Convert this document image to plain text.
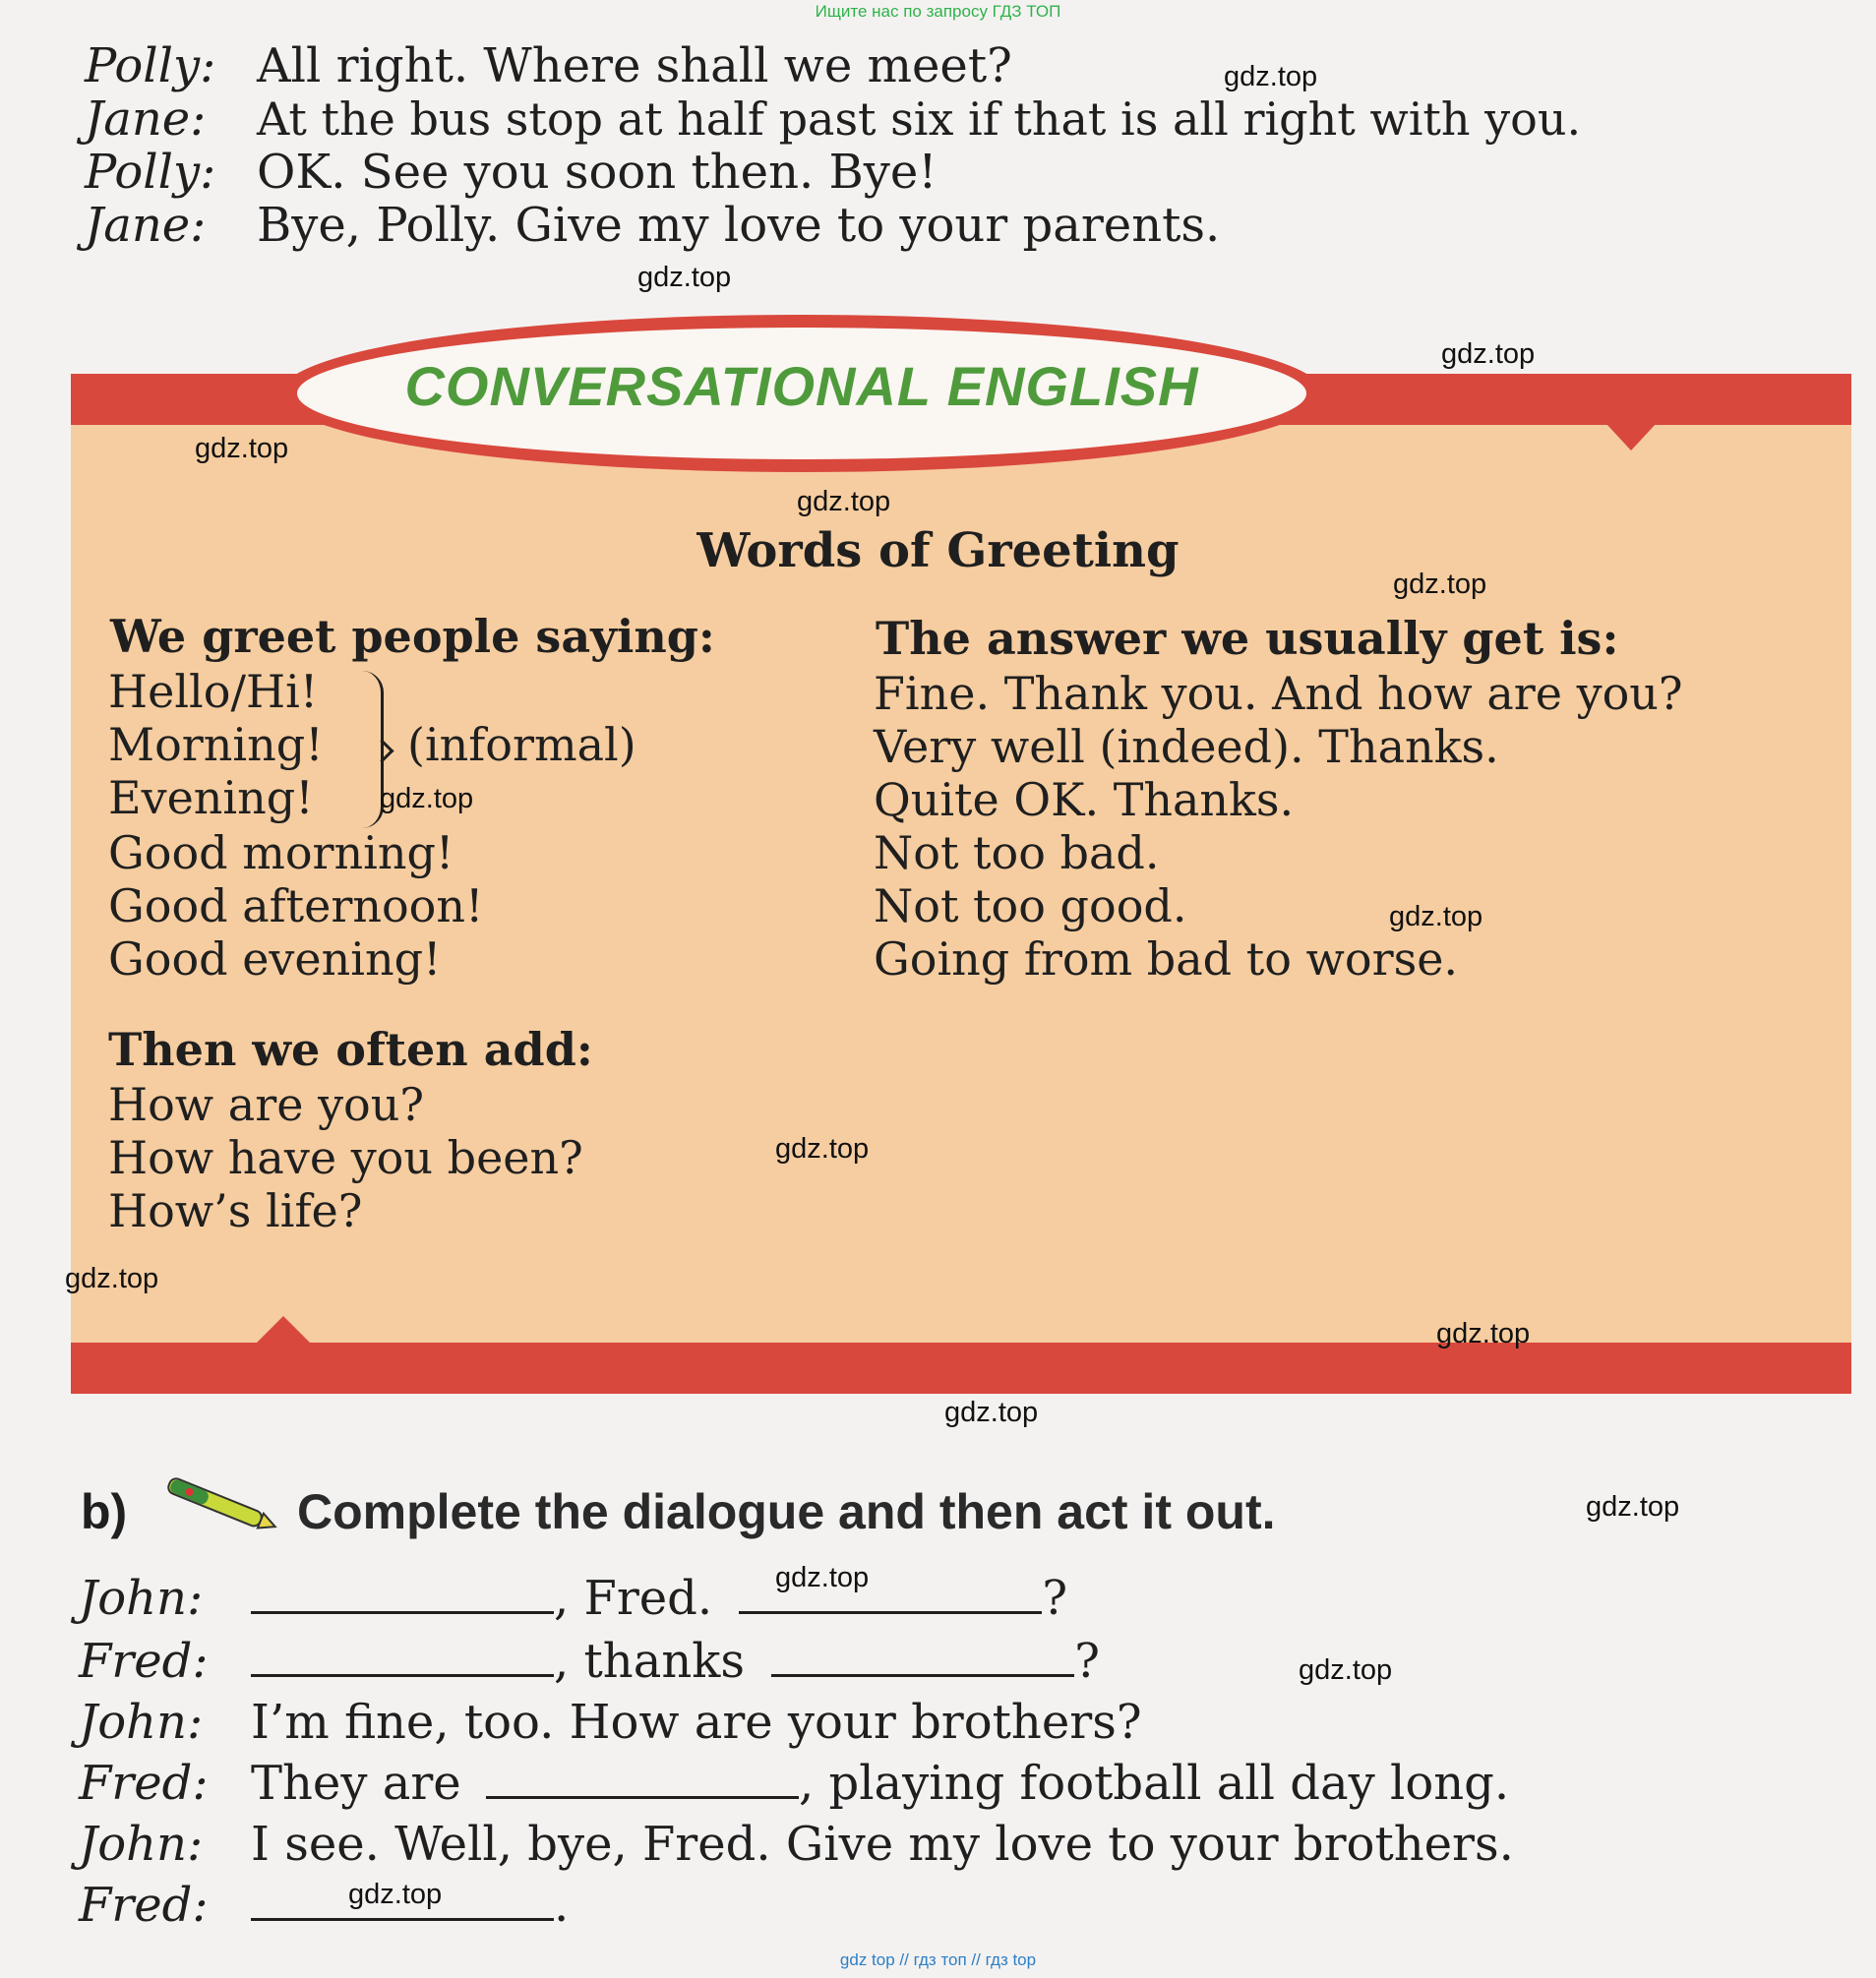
Ищите нас по запросу ГДЗ ТОП
Polly: All right. Where shall we meet?
Jane: At the bus stop at half past six if that is all right with you.
Polly: OK. See you soon then. Bye!
Jane: Bye, Polly. Give my love to your parents.
CONVERSATIONAL ENGLISH
Words of Greeting
We greet people saying:
Hello/Hi!
Morning!
Evening!
(informal)
Good morning!
Good afternoon!
Good evening!
The answer we usually get is:
Fine. Thank you. And how are you?
Very well (indeed). Thanks.
Quite OK. Thanks.
Not too bad.
Not too good.
Going from bad to worse.
Then we often add:
How are you?
How have you been?
How’s life?
b)	Complete the dialogue and then act it out.
John:	, Fred.	?
Fred:	, thanks	?
John: I’m fine, too. How are your brothers?
Fred: They are	, playing football all day long.
John: I see. Well, bye, Fred. Give my love to your brothers.
Fred:	.
gdz.top
gdz.top
gdz.top
gdz.top
gdz.top
gdz.top
gdz.top
gdz.top
gdz.top
gdz.top
gdz.top
gdz.top
gdz.top
gdz.top
gdz.top
gdz.top
gdz top // гдз топ // гдз top
